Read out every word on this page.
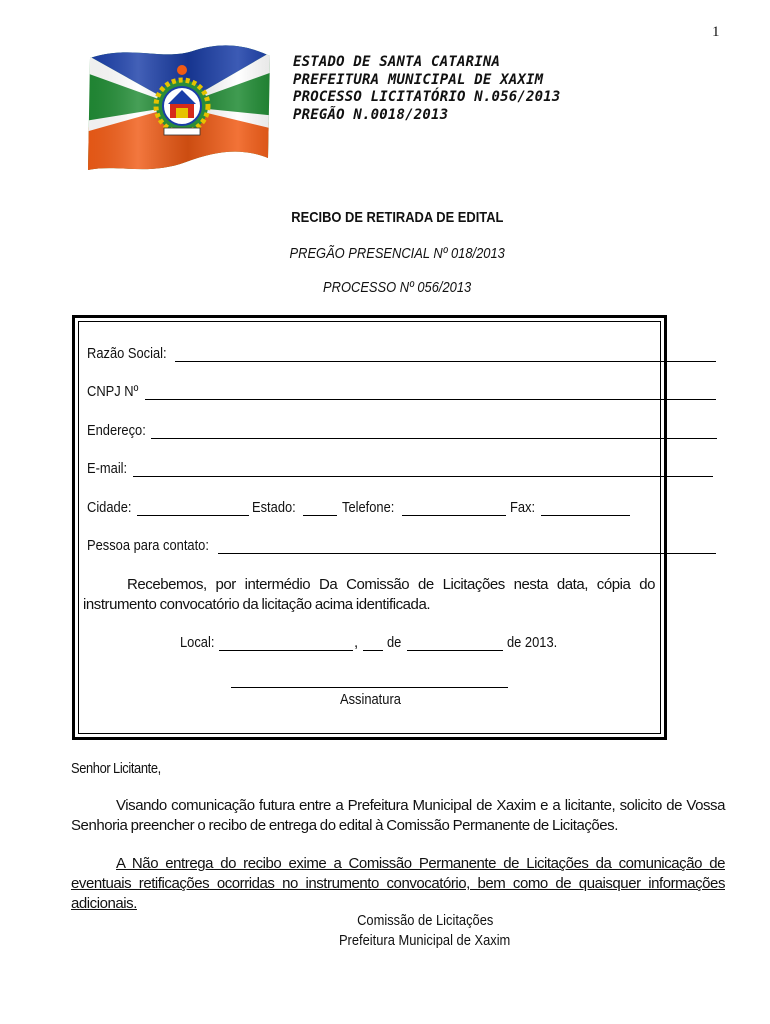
1
ESTADO DE SANTA CATARINA
PREFEITURA MUNICIPAL DE XAXIM
PROCESSO LICITATÓRIO N.056/2013
PREGÃO N.0018/2013
RECIBO DE RETIRADA DE EDITAL
PREGÃO PRESENCIAL Nº 018/2013
PROCESSO Nº 056/2013
Razão Social:
CNPJ Nº
Endereço:
E-mail:
Cidade:	Estado:	Telefone:	Fax:
Pessoa para contato:
Recebemos, por intermédio Da Comissão de Licitações nesta data, cópia do instrumento convocatório da licitação acima identificada.
Local:	, de	de 2013.
Assinatura
Senhor Licitante,
Visando comunicação futura entre a Prefeitura Municipal de Xaxim e a licitante, solicito de Vossa Senhoria preencher o recibo de entrega do edital à Comissão Permanente de Licitações.
A Não entrega do recibo exime a Comissão Permanente de Licitações da comunicação de eventuais retificações ocorridas no instrumento convocatório, bem como de quaisquer informações adicionais.
Comissão de Licitações
Prefeitura Municipal de Xaxim
